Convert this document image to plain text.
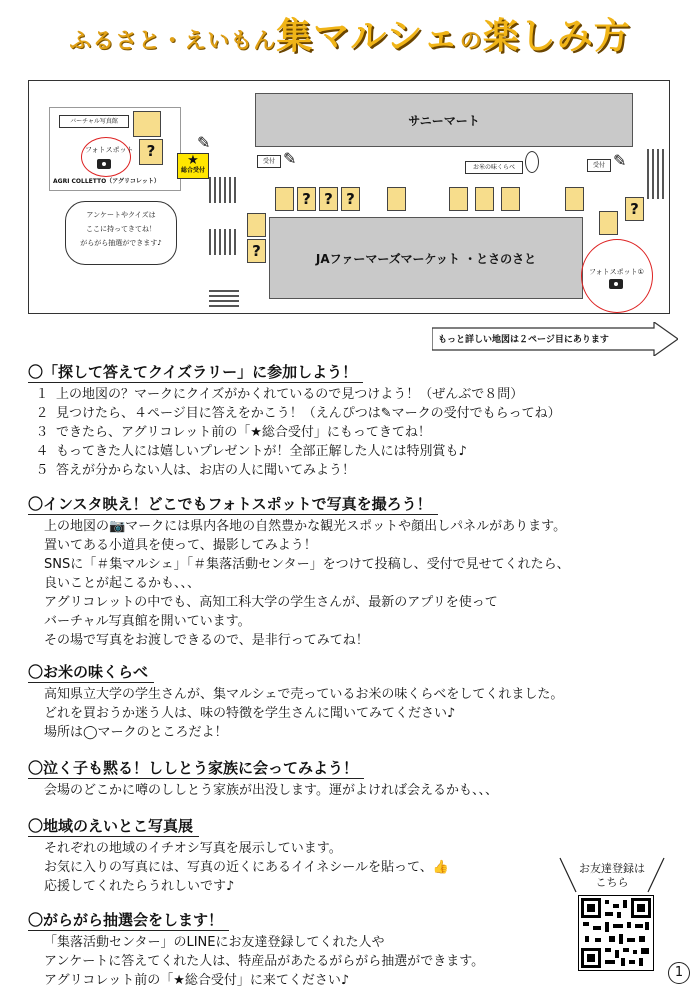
ふるさと・えいもん集マルシェの楽しみ方
バーチャル写真館
フォトスポット ?
AGRI COLLETTO（アグリコレット）
✎
★
総合受付
サニーマート
受付 ✎	お米の味くらべ	受付 ✎
? ? ?
?
?	JAファーマーズマーケット ・とさのさと
フォトスポット①
アンケートやクイズは
ここに持ってきてね！
がらがら抽選ができます♪
もっと詳しい地図は２ページ目にあります
〇「探して答えてクイズラリー」に参加しよう！
１ 上の地図の？マークにクイズがかくれているので見つけよう！（ぜんぶで８問）
２ 見つけたら、４ページ目に答えをかこう！（えんぴつは✎マークの受付でもらってね）
３ できたら、アグリコレット前の「★総合受付」にもってきてね！
４ もってきた人には嬉しいプレゼントが！全部正解した人には特別賞も♪
５ 答えが分からない人は、お店の人に聞いてみよう！
〇インスタ映え！どこでもフォトスポットで写真を撮ろう！
上の地図の📷マークには県内各地の自然豊かな観光スポットや顔出しパネルがあります。
置いてある小道具を使って、撮影してみよう！
SNSに「＃集マルシェ」「＃集落活動センター」をつけて投稿し、受付で見せてくれたら、
良いことが起こるかも、、、
アグリコレットの中でも、高知工科大学の学生さんが、最新のアプリを使って
バーチャル写真館を開いています。
その場で写真をお渡しできるので、是非行ってみてね！
〇お米の味くらべ
高知県立大学の学生さんが、集マルシェで売っているお米の味くらべをしてくれました。
どれを買おうか迷う人は、味の特徴を学生さんに聞いてみてください♪
場所は◯マークのところだよ！
〇泣く子も黙る！ししとう家族に会ってみよう！
会場のどこかに噂のししとう家族が出没します。運がよければ会えるかも、、、
〇地域のえいとこ写真展
それぞれの地域のイチオシ写真を展示しています。
お気に入りの写真には、写真の近くにあるイイネシールを貼って、👍
応援してくれたらうれしいです♪
〇がらがら抽選会をします！
「集落活動センター」のLINEにお友達登録してくれた人や
アンケートに答えてくれた人は、特産品があたるがらがら抽選ができます。
アグリコレット前の「★総合受付」に来てください♪
お友達登録は
こちら
1
